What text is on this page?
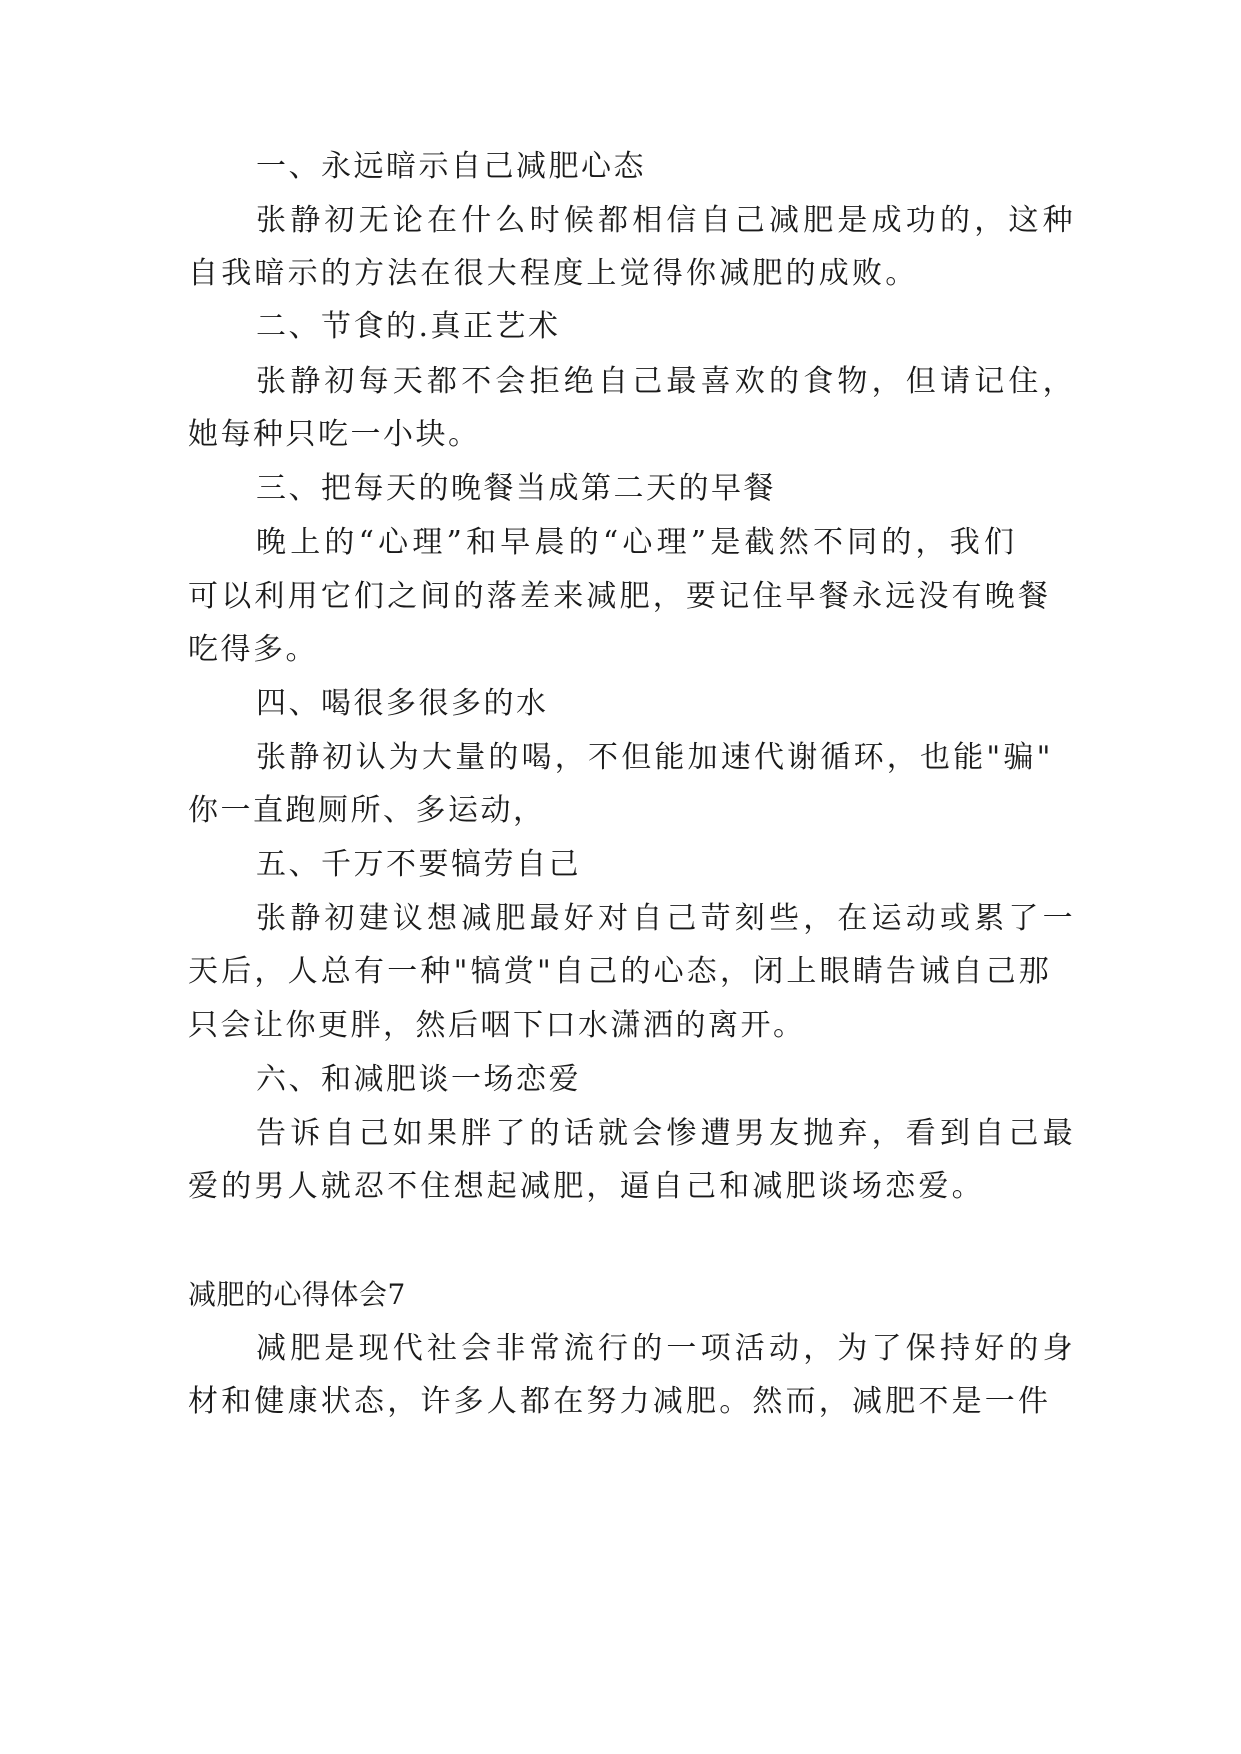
一、永远暗示自己减肥心态
张静初无论在什么时候都相信自己减肥是成功的，这种
自我暗示的方法在很大程度上觉得你减肥的成败。
二、节食的.真正艺术
张静初每天都不会拒绝自己最喜欢的食物，但请记住，
她每种只吃一小块。
三、把每天的晚餐当成第二天的早餐
晚上的“心理”和早晨的“心理”是截然不同的，我们
可以利用它们之间的落差来减肥，要记住早餐永远没有晚餐
吃得多。
四、喝很多很多的水
张静初认为大量的喝，不但能加速代谢循环，也能"骗"
你一直跑厕所、多运动，
五、千万不要犒劳自己
张静初建议想减肥最好对自己苛刻些，在运动或累了一
天后，人总有一种"犒赏"自己的心态，闭上眼睛告诫自己那
只会让你更胖，然后咽下口水潇洒的离开。
六、和减肥谈一场恋爱
告诉自己如果胖了的话就会惨遭男友抛弃，看到自己最
爱的男人就忍不住想起减肥，逼自己和减肥谈场恋爱。
减肥的心得体会7
减肥是现代社会非常流行的一项活动，为了保持好的身
材和健康状态，许多人都在努力减肥。然而，减肥不是一件
